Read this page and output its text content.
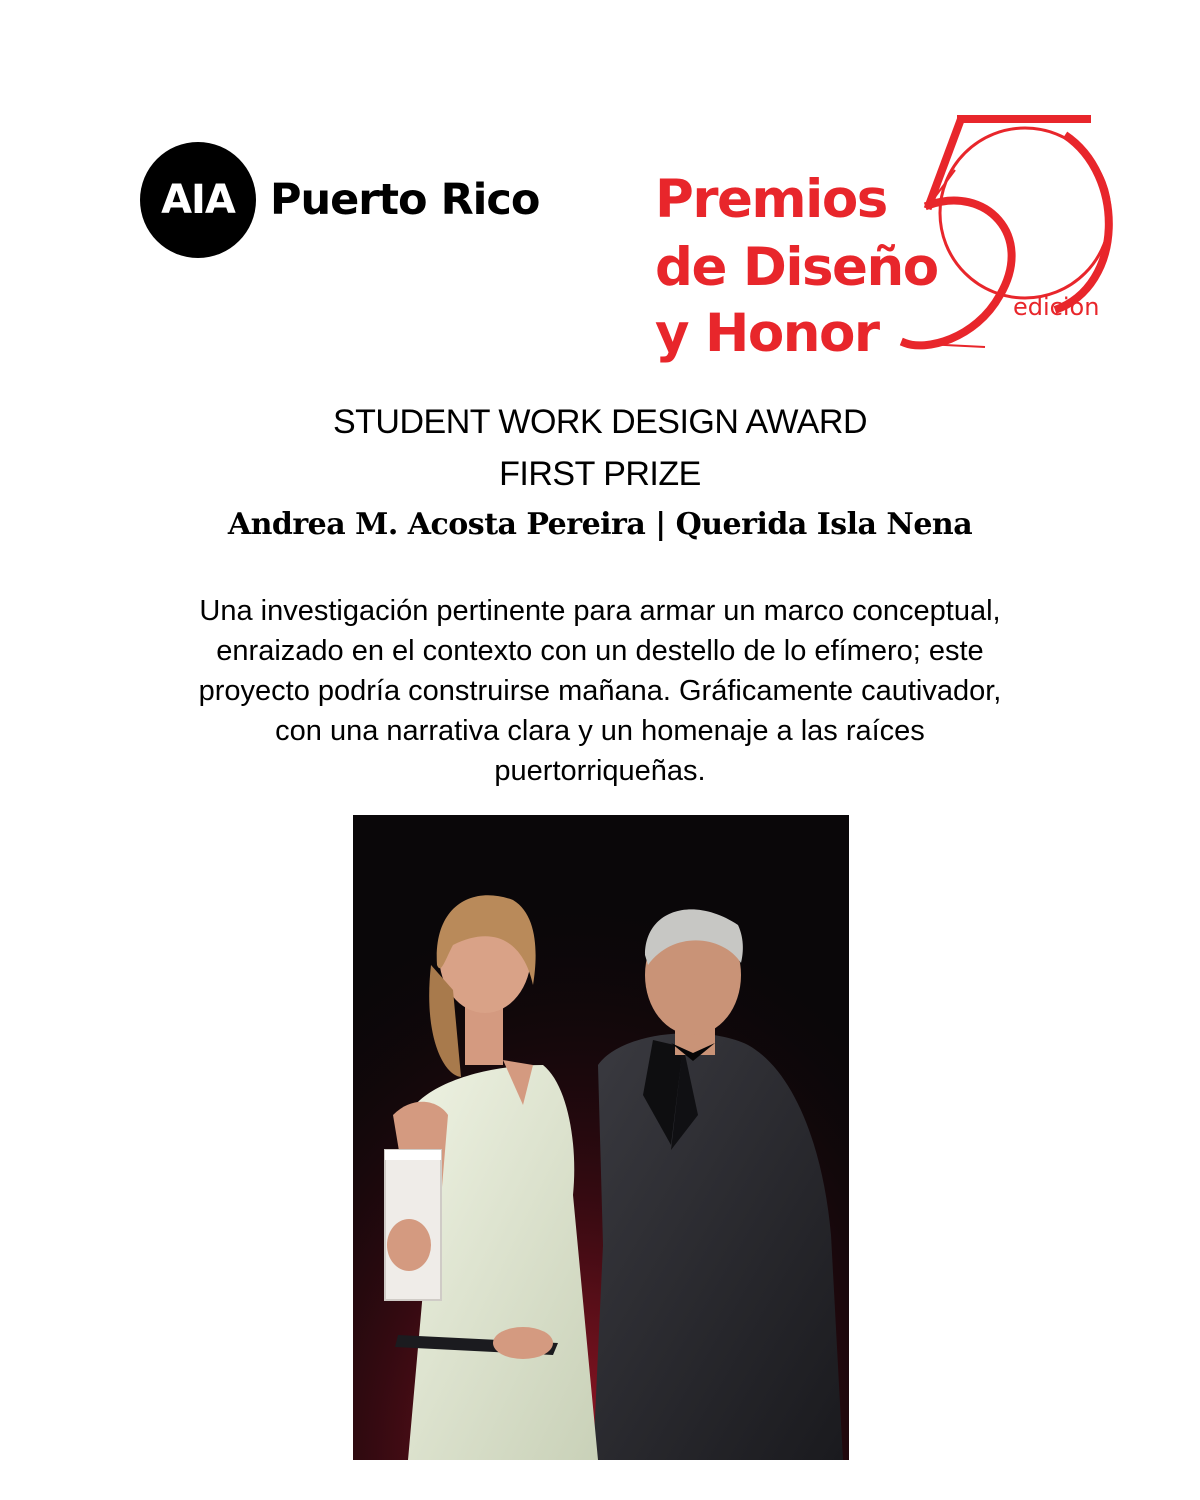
AIA Puerto Rico Premios
de Diseño
y Honor	edición
STUDENT WORK DESIGN AWARD
FIRST PRIZE
Andrea M. Acosta Pereira | Querida Isla Nena
Una investigación pertinente para armar un marco conceptual,
enraizado en el contexto con un destello de lo efímero; este
proyecto podría construirse mañana. Gráficamente cautivador,
con una narrativa clara y un homenaje a las raíces
puertorriqueñas.
